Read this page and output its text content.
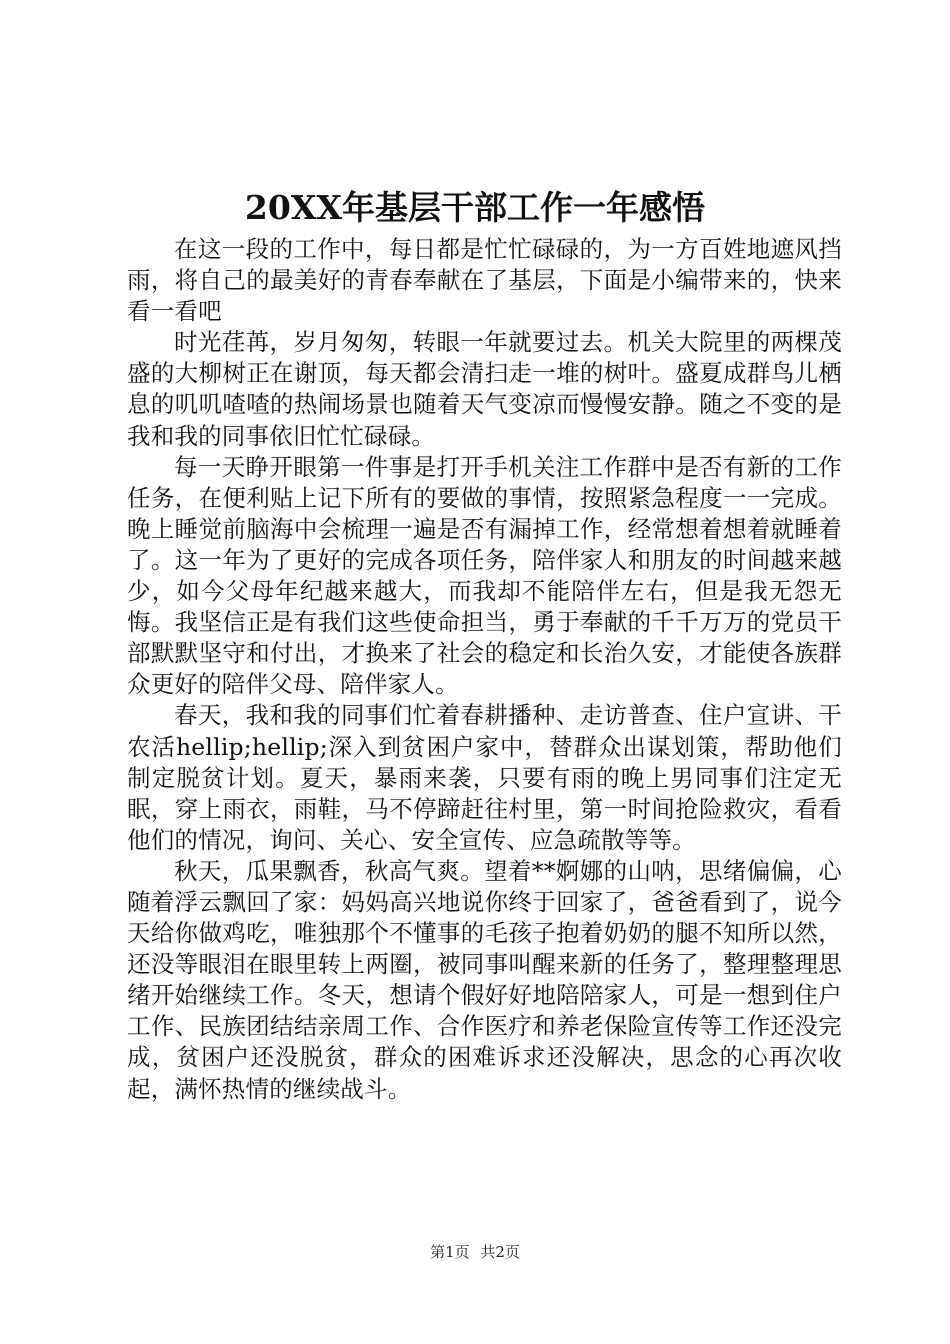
20XX年基层干部工作一年感悟

在这一段的工作中，每日都是忙忙碌碌的，为一方百姓地遮风挡雨，将自己的最美好的青春奉献在了基层，下面是小编带来的，快来看一看吧

时光荏苒，岁月匆匆，转眼一年就要过去。机关大院里的两棵茂盛的大柳树正在谢顶，每天都会清扫走一堆的树叶。盛夏成群鸟儿栖息的叽叽喳喳的热闹场景也随着天气变凉而慢慢安静。随之不变的是我和我的同事依旧忙忙碌碌。

每一天睁开眼第一件事是打开手机关注工作群中是否有新的工作任务，在便利贴上记下所有的要做的事情，按照紧急程度一一完成。晚上睡觉前脑海中会梳理一遍是否有漏掉工作，经常想着想着就睡着了。这一年为了更好的完成各项任务，陪伴家人和朋友的时间越来越少，如今父母年纪越来越大，而我却不能陪伴左右，但是我无怨无悔。我坚信正是有我们这些使命担当，勇于奉献的千千万万的党员干部默默坚守和付出，才换来了社会的稳定和长治久安，才能使各族群众更好的陪伴父母、陪伴家人。

春天，我和我的同事们忙着春耕播种、走访普查、住户宣讲、干农活hellip;hellip;深入到贫困户家中，替群众出谋划策，帮助他们制定脱贫计划。夏天，暴雨来袭，只要有雨的晚上男同事们注定无眠，穿上雨衣，雨鞋，马不停蹄赶往村里，第一时间抢险救灾，看看他们的情况，询问、关心、安全宣传、应急疏散等等。

秋天，瓜果飘香，秋高气爽。望着**婀娜的山呐，思绪偏偏，心随着浮云飘回了家：妈妈高兴地说你终于回家了，爸爸看到了，说今天给你做鸡吃，唯独那个不懂事的毛孩子抱着奶奶的腿不知所以然，还没等眼泪在眼里转上两圈，被同事叫醒来新的任务了，整理整理思绪开始继续工作。冬天，想请个假好好地陪陪家人，可是一想到住户工作、民族团结结亲周工作、合作医疗和养老保险宣传等工作还没完成，贫困户还没脱贫，群众的困难诉求还没解决，思念的心再次收起，满怀热情的继续战斗。

第1页 共2页
